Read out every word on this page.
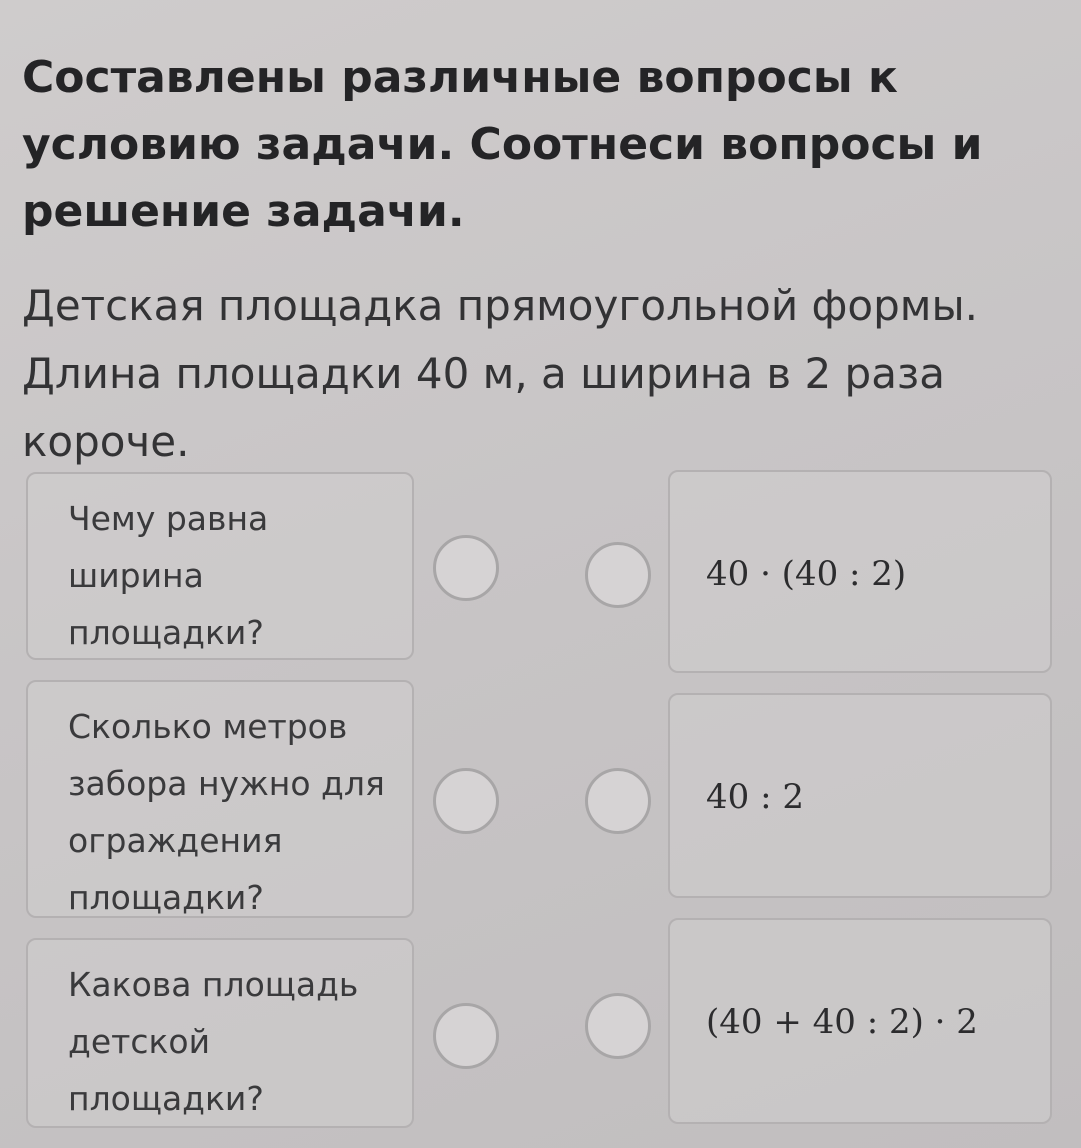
Составлены различные вопросы к условию задачи. Соотнеси вопросы и решение задачи.

Детская площадка прямоугольной формы. Длина площадки 40 м, а ширина в 2 раза короче.

Чему равна ширина площадки?
40 · (40 : 2)
Сколько метров забора нужно для ограждения площадки?
40 : 2
Какова площадь детской площадки?
(40 + 40 : 2) · 2
